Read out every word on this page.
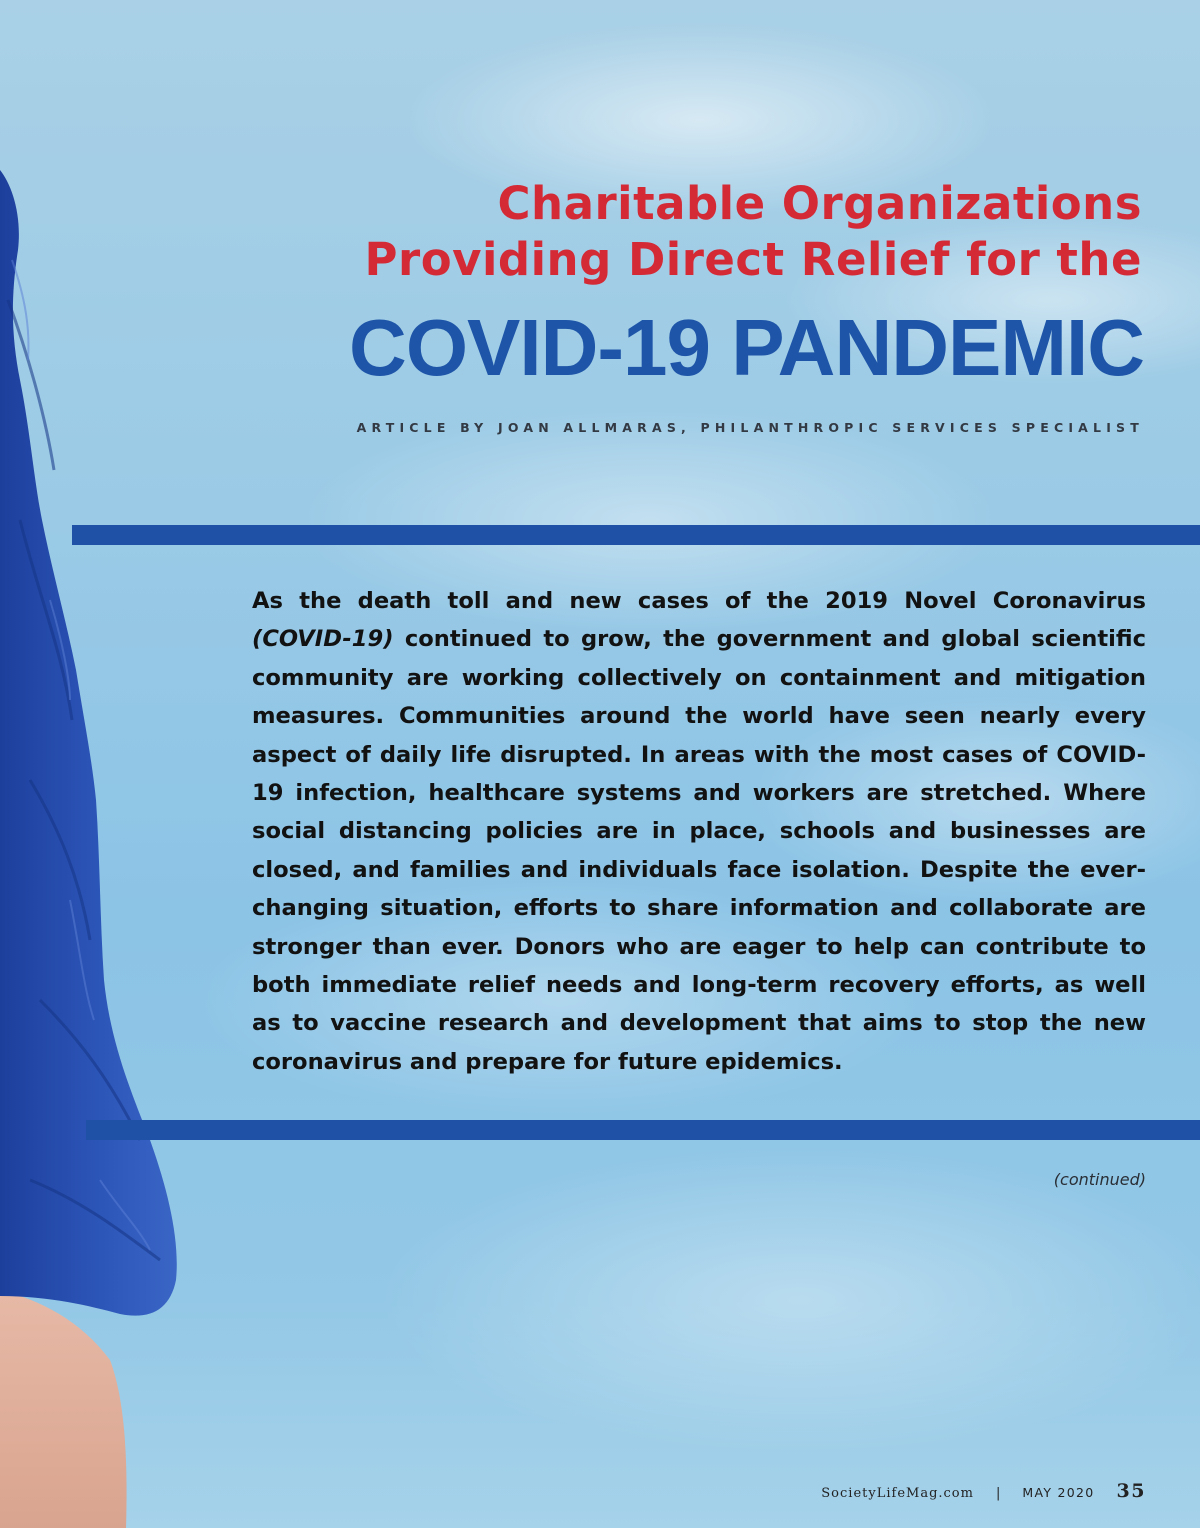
Charitable Organizations
Providing Direct Relief for the
COVID-19 PANDEMIC

ARTICLE BY JOAN ALLMARAS, PHILANTHROPIC SERVICES SPECIALIST

As the death toll and new cases of the 2019 Novel Coronavirus (COVID-19) continued to grow, the government and global scientific community are working collectively on containment and mitigation measures. Communities around the world have seen nearly every aspect of daily life disrupted. In areas with the most cases of COVID-19 infection, healthcare systems and workers are stretched. Where social distancing policies are in place, schools and businesses are closed, and families and individuals face isolation. Despite the ever-changing situation, efforts to share information and collaborate are stronger than ever. Donors who are eager to help can contribute to both immediate relief needs and long-term recovery efforts, as well as to vaccine research and development that aims to stop the new coronavirus and prepare for future epidemics.

(continued)

SocietyLifeMag.com | MAY 2020 35
